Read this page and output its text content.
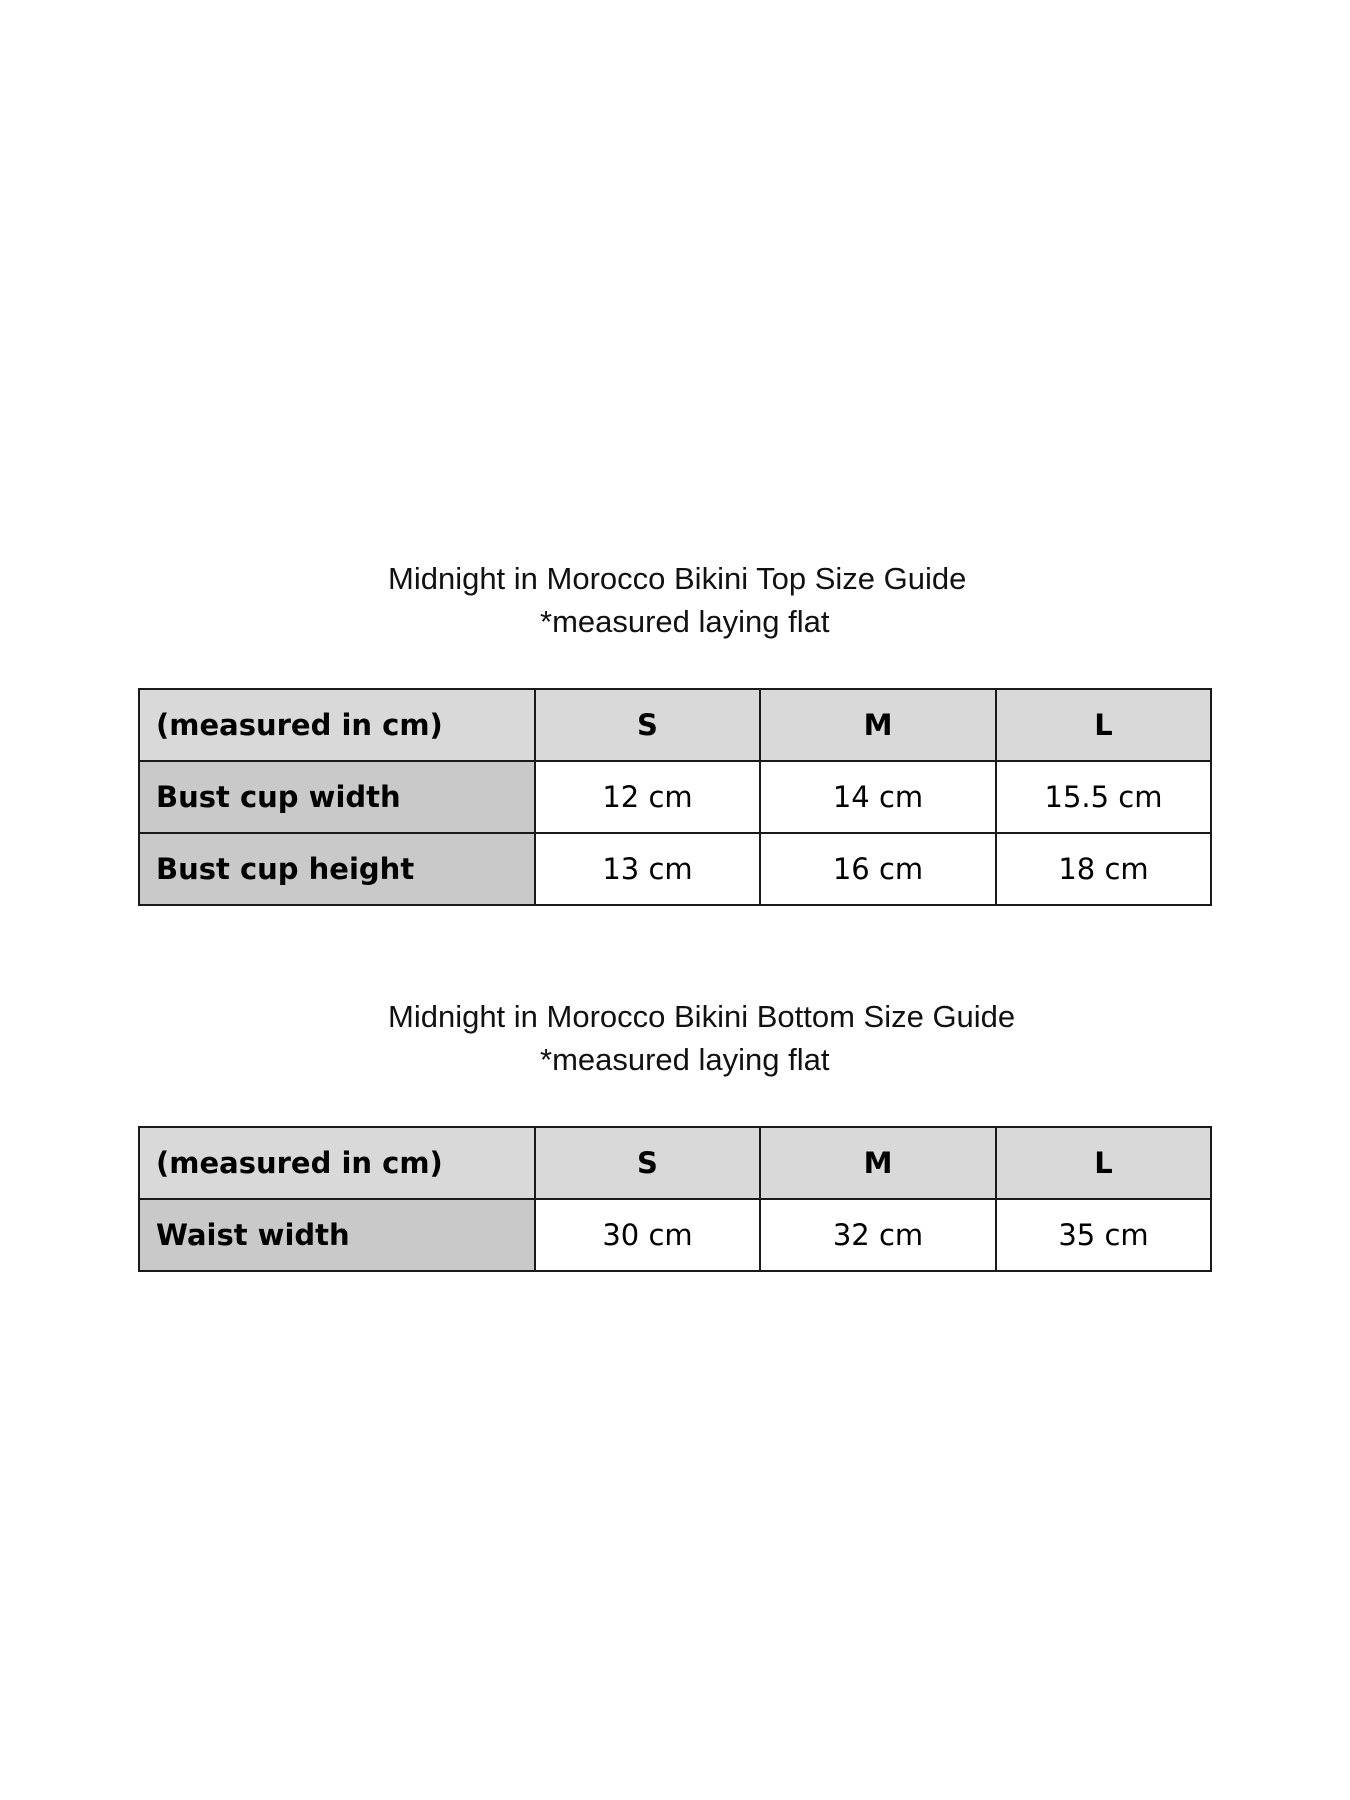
Midnight in Morocco Bikini Top Size Guide
*measured laying flat
(measured in cm)	S	M	L
Bust cup width	12 cm	14 cm	15.5 cm
Bust cup height	13 cm	16 cm	18 cm
Midnight in Morocco Bikini Bottom Size Guide
*measured laying flat
(measured in cm)	S	M	L
Waist width	30 cm	32 cm	35 cm
